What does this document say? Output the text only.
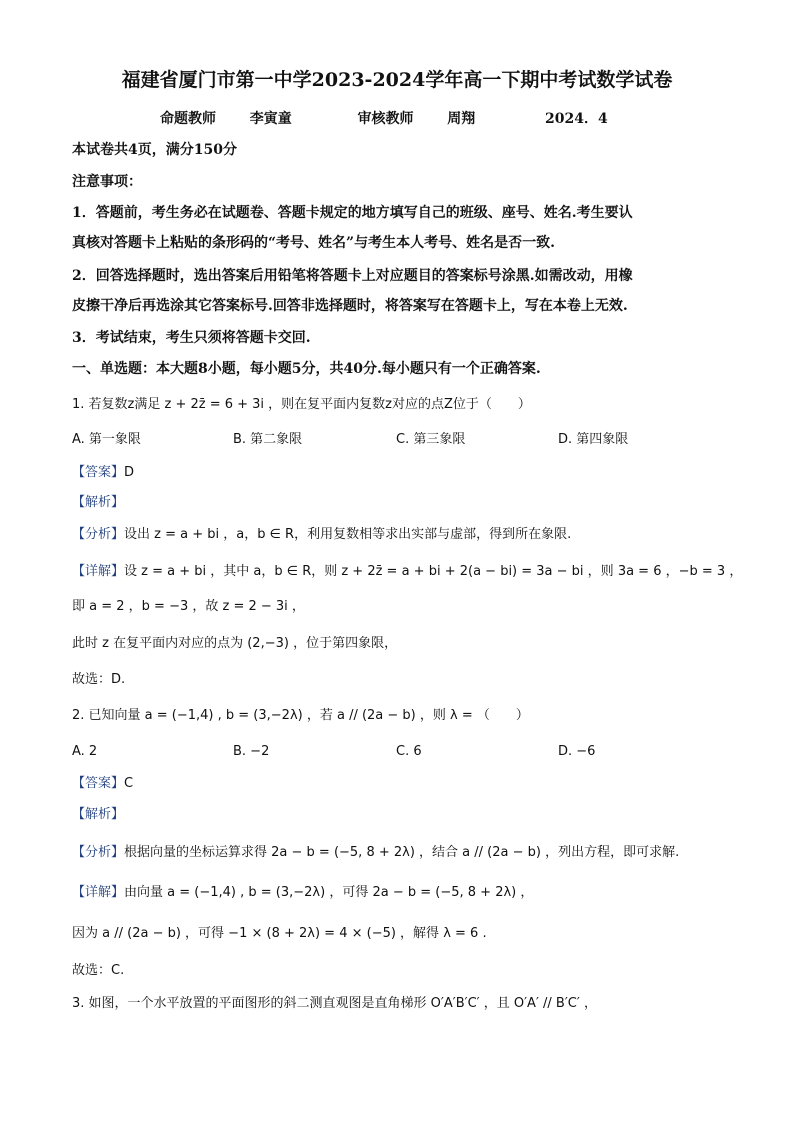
福建省厦门市第一中学2023-2024学年高一下期中考试数学试卷
命题教师 李寅童	审核教师 周翔	2024．4
本试卷共4页，满分150分
注意事项：
1．答题前，考生务必在试题卷、答题卡规定的地方填写自己的班级、座号、姓名.考生要认
真核对答题卡上粘贴的条形码的“考号、姓名”与考生本人考号、姓名是否一致.
2．回答选择题时，选出答案后用铅笔将答题卡上对应题目的答案标号涂黑.如需改动，用橡
皮擦干净后再选涂其它答案标号.回答非选择题时，将答案写在答题卡上，写在本卷上无效.
3．考试结束，考生只须将答题卡交回.
一、单选题：本大题8小题，每小题5分，共40分.每小题只有一个正确答案.
1. 若复数z满足 z + 2z̄ = 6 + 3i ，则在复平面内复数z对应的点Z位于（　　）
A. 第一象限	B. 第二象限	C. 第三象限	D. 第四象限
【答案】D
【解析】
【分析】设出 z = a + bi ，a，b ∈ R，利用复数相等求出实部与虚部，得到所在象限.
【详解】设 z = a + bi ，其中 a，b ∈ R，则 z + 2z̄ = a + bi + 2(a − bi) = 3a − bi ，则 3a = 6 ，−b = 3 ，
即 a = 2 ，b = −3 ，故 z = 2 − 3i ，
此时 z 在复平面内对应的点为 (2,−3) ，位于第四象限，
故选：D.
2. 已知向量 a = (−1,4) , b = (3,−2λ) ，若 a // (2a − b) ，则 λ = （　　）
A. 2	B. −2	C. 6	D. −6
【答案】C
【解析】
【分析】根据向量的坐标运算求得 2a − b = (−5, 8 + 2λ) ，结合 a // (2a − b) ，列出方程，即可求解.
【详解】由向量 a = (−1,4) , b = (3,−2λ) ，可得 2a − b = (−5, 8 + 2λ) ，
因为 a // (2a − b) ，可得 −1 × (8 + 2λ) = 4 × (−5) ，解得 λ = 6 .
故选：C.
3. 如图，一个水平放置的平面图形的斜二测直观图是直角梯形 O′A′B′C′ ，且 O′A′ // B′C′ ，
